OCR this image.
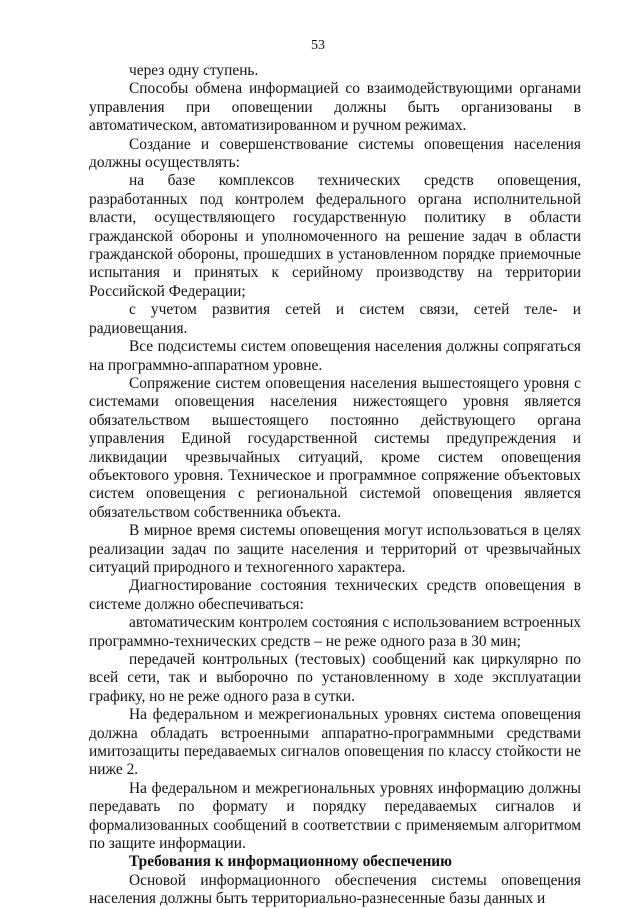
53

через одну ступень.

Способы обмена информацией со взаимодействующими органами управления при оповещении должны быть организованы в автоматическом, автоматизированном и ручном режимах.

Создание и совершенствование системы оповещения населения должны осуществлять:

на базе комплексов технических средств оповещения, разработанных под контролем федерального органа исполнительной власти, осуществляющего государственную политику в области гражданской обороны и уполномоченного на решение задач в области гражданской обороны, прошедших в установленном порядке приемочные испытания и принятых к серийному производству на территории Российской Федерации;

с учетом развития сетей и систем связи, сетей теле- и радиовещания.

Все подсистемы систем оповещения населения должны сопрягаться на программно-аппаратном уровне.

Сопряжение систем оповещения населения вышестоящего уровня с системами оповещения населения нижестоящего уровня является обязательством вышестоящего постоянно действующего органа управления Единой государственной системы предупреждения и ликвидации чрезвычайных ситуаций, кроме систем оповещения объектового уровня. Техническое и программное сопряжение объектовых систем оповещения с региональной системой оповещения является обязательством собственника объекта.

В мирное время системы оповещения могут использоваться в целях реализации задач по защите населения и территорий от чрезвычайных ситуаций природного и техногенного характера.

Диагностирование состояния технических средств оповещения в системе должно обеспечиваться:

автоматическим контролем состояния с использованием встроенных программно-технических средств – не реже одного раза в 30 мин;

передачей контрольных (тестовых) сообщений как циркулярно по всей сети, так и выборочно по установленному в ходе эксплуатации графику, но не реже одного раза в сутки.

На федеральном и межрегиональных уровнях система оповещения должна обладать встроенными аппаратно-программными средствами имитозащиты передаваемых сигналов оповещения по классу стойкости не ниже 2.

На федеральном и межрегиональных уровнях информацию должны передавать по формату и порядку передаваемых сигналов и формализованных сообщений в соответствии с применяемым алгоритмом по защите информации.

Требования к информационному обеспечению

Основой информационного обеспечения системы оповещения населения должны быть территориально-разнесенные базы данных и
